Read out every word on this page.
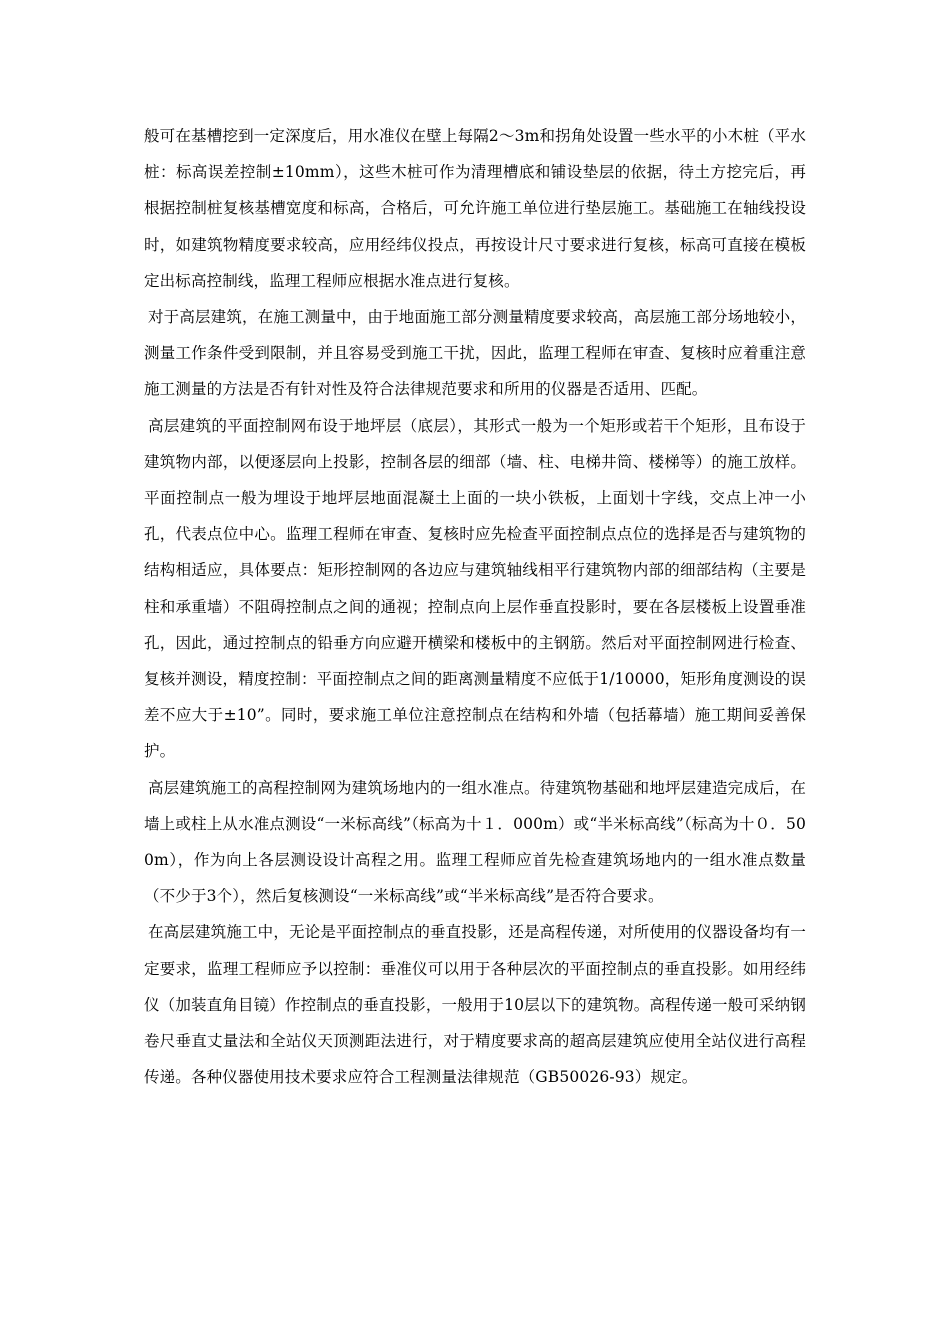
般可在基槽挖到一定深度后，用水准仪在壁上每隔2～3m和拐角处设置一些水平的小木桩（平水桩：标高误差控制±10mm），这些木桩可作为清理槽底和铺设垫层的依据，待土方挖完后，再根据控制桩复核基槽宽度和标高，合格后，可允许施工单位进行垫层施工。基础施工在轴线投设时，如建筑物精度要求较高，应用经纬仪投点，再按设计尺寸要求进行复核，标高可直接在模板定出标高控制线，监理工程师应根据水准点进行复核。

对于高层建筑，在施工测量中，由于地面施工部分测量精度要求较高，高层施工部分场地较小，测量工作条件受到限制，并且容易受到施工干扰，因此，监理工程师在审查、复核时应着重注意施工测量的方法是否有针对性及符合法律规范要求和所用的仪器是否适用、匹配。

高层建筑的平面控制网布设于地坪层（底层），其形式一般为一个矩形或若干个矩形，且布设于建筑物内部，以便逐层向上投影，控制各层的细部（墙、柱、电梯井筒、楼梯等）的施工放样。平面控制点一般为埋设于地坪层地面混凝土上面的一块小铁板，上面划十字线，交点上冲一小孔，代表点位中心。监理工程师在审查、复核时应先检查平面控制点点位的选择是否与建筑物的结构相适应，具体要点：矩形控制网的各边应与建筑轴线相平行建筑物内部的细部结构（主要是柱和承重墙）不阻碍控制点之间的通视；控制点向上层作垂直投影时，要在各层楼板上设置垂准孔，因此，通过控制点的铅垂方向应避开横梁和楼板中的主钢筋。然后对平面控制网进行检查、复核并测设，精度控制：平面控制点之间的距离测量精度不应低于1/10000，矩形角度测设的误差不应大于±10”。同时，要求施工单位注意控制点在结构和外墙（包括幕墙）施工期间妥善保护。

高层建筑施工的高程控制网为建筑场地内的一组水准点。待建筑物基础和地坪层建造完成后，在墙上或柱上从水准点测设“一米标高线”（标高为十１．000m）或“半米标高线”（标高为十０．500m），作为向上各层测设设计高程之用。监理工程师应首先检查建筑场地内的一组水准点数量（不少于3个），然后复核测设“一米标高线”或“半米标高线”是否符合要求。

在高层建筑施工中，无论是平面控制点的垂直投影，还是高程传递，对所使用的仪器设备均有一定要求，监理工程师应予以控制：垂准仪可以用于各种层次的平面控制点的垂直投影。如用经纬仪（加装直角目镜）作控制点的垂直投影，一般用于10层以下的建筑物。高程传递一般可采纳钢卷尺垂直丈量法和全站仪天顶测距法进行，对于精度要求高的超高层建筑应使用全站仪进行高程传递。各种仪器使用技术要求应符合工程测量法律规范（GB50026-93）规定。
